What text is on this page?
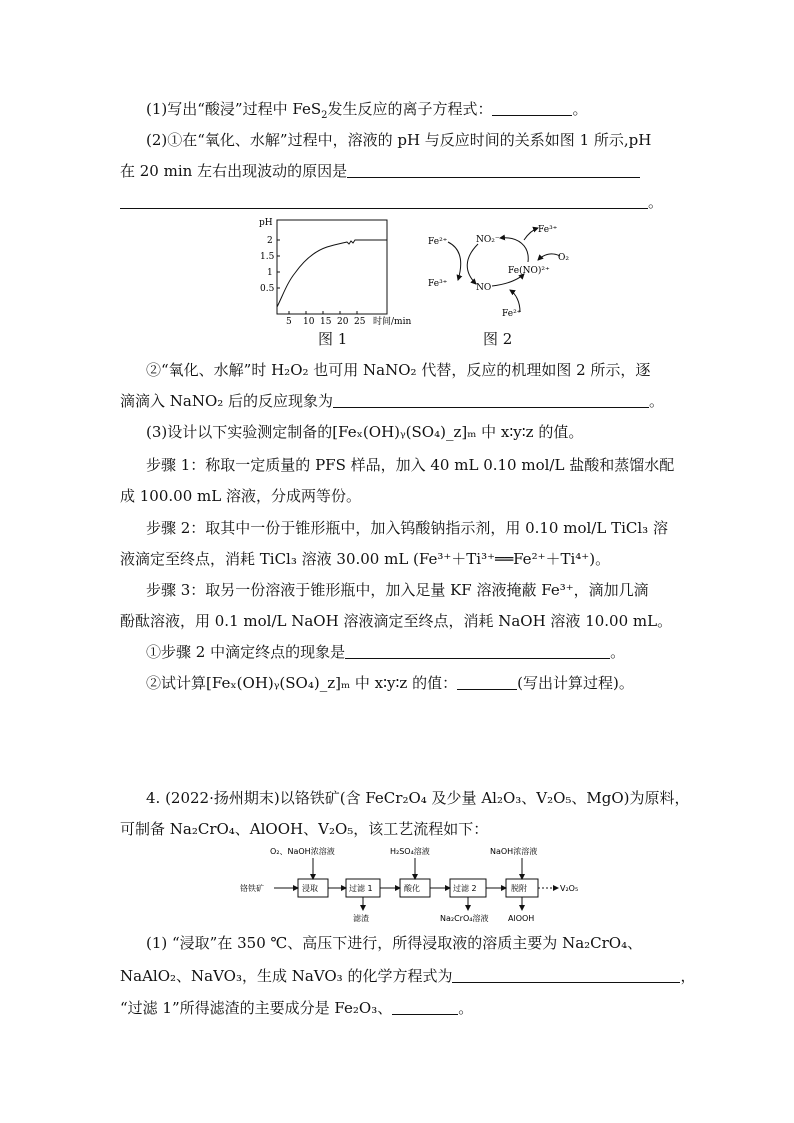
(1)写出“酸浸”过程中 FeS$_2$发生反应的离子方程式：	。
(2)①在“氧化、水解”过程中，溶液的 pH 与反应时间的关系如图 1 所示,pH
在 20 min 左右出现波动的原因是
。
pH
2
1.5
1
0.5
5 10 15 20 25 时间/min
图 1
Fe²⁺
Fe³⁺
NO₂⁻
NO
Fe³⁺
O₂
Fe(NO)²⁺
Fe²⁺
图 2
②“氧化、水解”时 H₂O₂ 也可用 NaNO₂ 代替，反应的机理如图 2 所示，逐
滴滴入 NaNO₂ 后的反应现象为	。
(3)设计以下实验测定制备的[Feₓ(OH)ᵧ(SO₄)_z]ₘ 中 x∶y∶z 的值。
步骤 1：称取一定质量的 PFS 样品，加入 40 mL 0.10 mol/L 盐酸和蒸馏水配
成 100.00 mL 溶液，分成两等份。
步骤 2：取其中一份于锥形瓶中，加入钨酸钠指示剂，用 0.10 mol/L TiCl₃ 溶
液滴定至终点，消耗 TiCl₃ 溶液 30.00 mL (Fe³⁺＋Ti³⁺══Fe²⁺＋Ti⁴⁺)。
步骤 3：取另一份溶液于锥形瓶中，加入足量 KF 溶液掩蔽 Fe³⁺，滴加几滴
酚酞溶液，用 0.1 mol/L NaOH 溶液滴定至终点，消耗 NaOH 溶液 10.00 mL。
①步骤 2 中滴定终点的现象是	。
②试计算[Feₓ(OH)ᵧ(SO₄)_z]ₘ 中 x∶y∶z 的值：	(写出计算过程)。
4. (2022·扬州期末)以铬铁矿(含 FeCr₂O₄ 及少量 Al₂O₃、V₂O₅、MgO)为原料，
可制备 Na₂CrO₄、AlOOH、V₂O₅，该工艺流程如下：
铬铁矿	浸取	过滤 1	酸化	过滤 2	脱附	V₂O₅
O₂、NaOH浓溶液	H₂SO₄溶液	NaOH浓溶液
滤渣	Na₂CrO₄溶液 AlOOH
(1) “浸取”在 350 ℃、高压下进行，所得浸取液的溶质主要为 Na₂CrO₄、
NaAlO₂、NaVO₃，生成 NaVO₃ 的化学方程式为	，
“过滤 1”所得滤渣的主要成分是 Fe₂O₃、	。
